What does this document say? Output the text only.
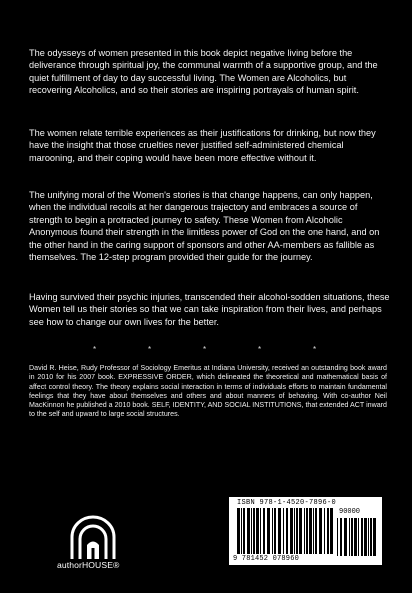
The odysseys of women presented in this book depict negative living before the deliverance through spiritual joy, the communal warmth of a supportive group, and the quiet fulfillment of day to day successful living. The Women are Alcoholics, but recovering Alcoholics, and so their stories are inspiring portrayals of human spirit.

The women relate terrible experiences as their justifications for drinking, but now they have the insight that those cruelties never justified self-administered chemical marooning, and their coping would have been more effective without it.

The unifying moral of the Women's stories is that change happens, can only happen, when the individual recoils at her dangerous trajectory and embraces a source of strength to begin a protracted journey to safety. These Women from Alcoholic Anonymous found their strength in the limitless power of God on the one hand, and on the other hand in the caring support of sponsors and other AA-members as fallible as themselves. The 12-step program provided their guide for the journey.

Having survived their psychic injuries, transcended their alcohol-sodden situations, these Women tell us their stories so that we can take inspiration from their lives, and perhaps see how to change our own lives for the better.

*	*	*	*	*

David R. Heise, Rudy Professor of Sociology Emeritus at Indiana University, received an outstanding book award in 2010 for his 2007 book. EXPRESSIVE ORDER, which delineated the theoretical and mathematical basis of affect control theory. The theory explains social interaction in terms of individuals efforts to maintain fundamental feelings that they have about themselves and others and about manners of behaving. With co-author Neil MacKinnon he published a 2010 book. SELF, IDENTITY, AND SOCIAL INSTITUTIONS, that extended ACT inward to the self and upward to large social structures.

authorHOUSE®
ISBN 978-1-4520-7896-0
90000
9 781452 078960
